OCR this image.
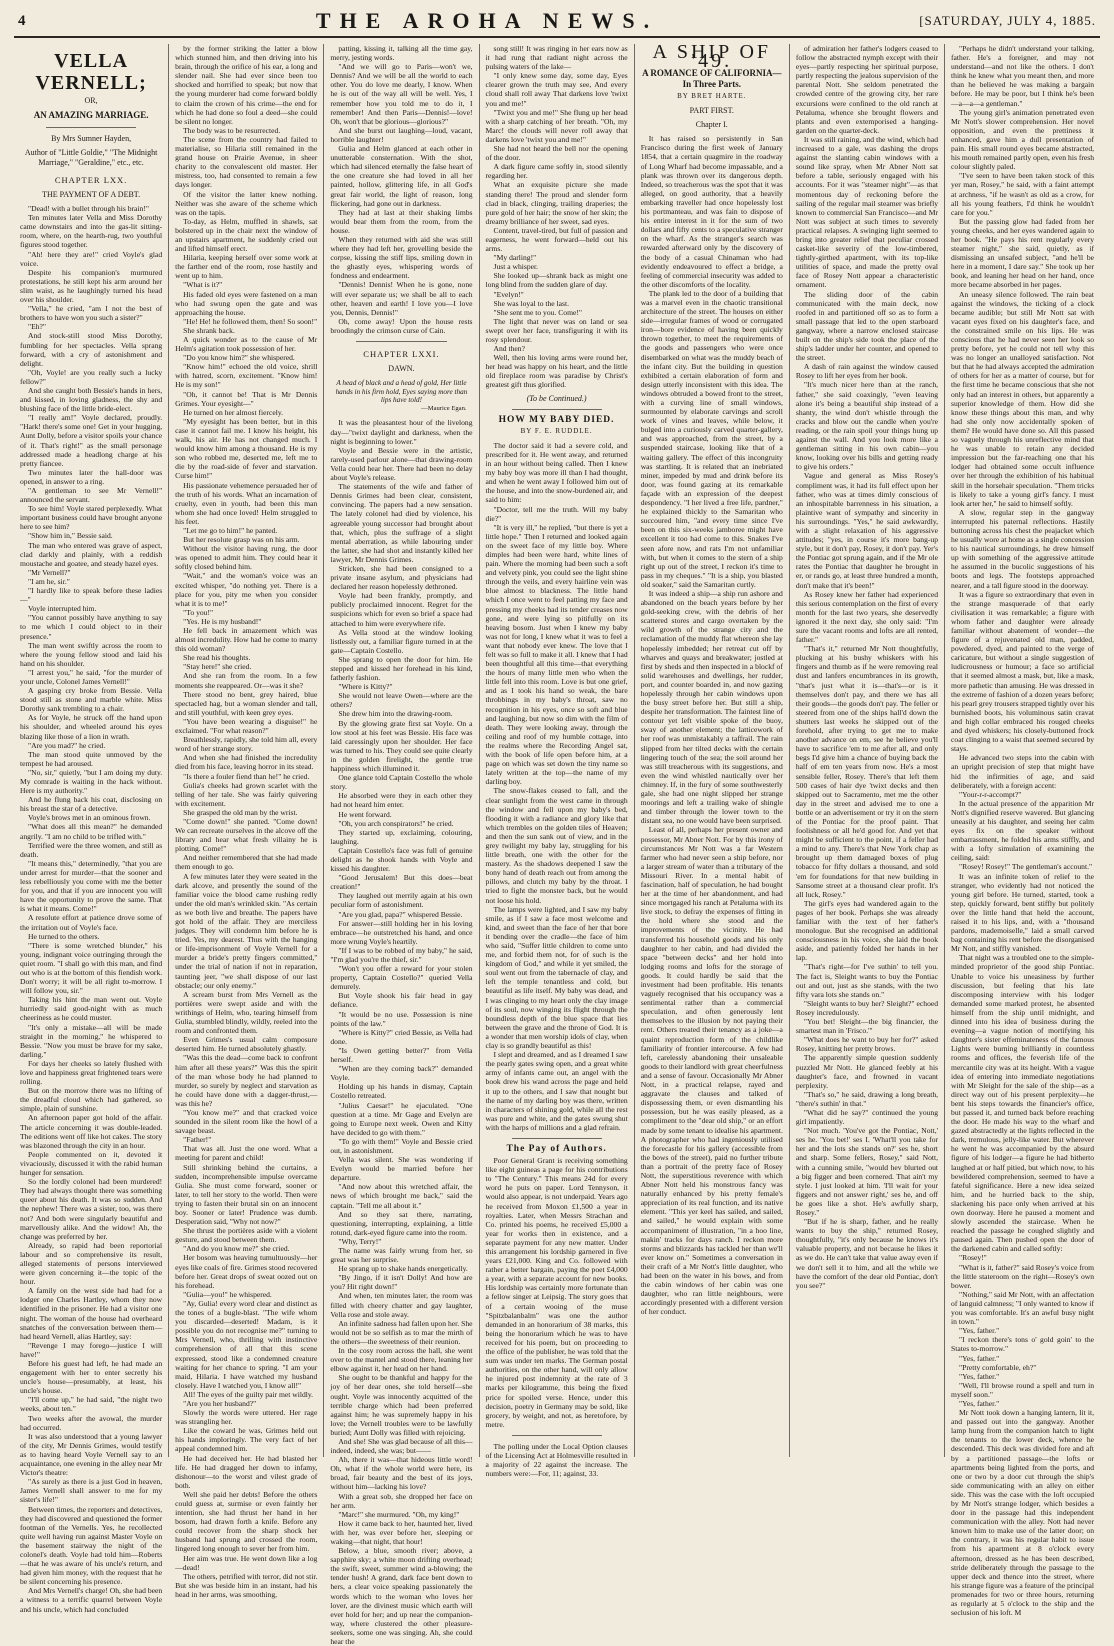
4	THE AROHA NEWS.	[SATURDAY, JULY 4, 1885.
VELLA VERNELL;
OR,
AN AMAZING MARRIAGE.
By Mrs Sumner Hayden,
Author of "Little Goldie," "The Midnight Marriage," "Geraldine," etc., etc.
CHAPTER LXX.
THE PAYMENT OF A DEBT.

"Dead! with a bullet through his brain!"

Ten minutes later Vella and Miss Dorothy came downstairs and into the gas-lit sitting-room, where, on the hearth-rug, two youthful figures stood together.

"Ah! here they are!" cried Voyle's glad voice.

Despite his companion's murmured protestations, he still kept his arm around her slim waist, as he laughingly turned his head over his shoulder.

"Vella," he cried, "am I not the best of brothers to have won you such a sister?"

"Eh?"

And stock-still stood Miss Dorothy, fumbling for her spectacles. Vella sprang forward, with a cry of astonishment and delight.

"Oh, Voyle! are you really such a lucky fellow?"

And she caught both Bessie's hands in hers, and kissed, in loving gladness, the shy and blushing face of the little bride-elect.

"I really am!" Voyle declared, proudly. "Hark! there's some one! Get in your hugging, Aunt Dolly, before a visitor spoils your chance of it. That's right!" as the small personage addressed made a headlong charge at his pretty fiancee.

Two minutes later the hall-door was opened, in answer to a ring.

"A gentleman to see Mr Vernell!" announced the servant.

To see him! Voyle stared perplexedly. What important business could have brought anyone here to see him?

"Show him in," Bessie said.

The man who entered was grave of aspect, clad darkly and plainly, with a reddish moustache and goatee, and steady hazel eyes.

"Mr Vernell?"

"I am he, sir."

"I hardly like to speak before these ladies—"

Voyle interrupted him.

"You cannot possibly have anything to say to me which I could object to in their presence."

The man went swiftly across the room to where the young fellow stood and laid his hand on his shoulder.

"I arrest you," he said, "for the murder of your uncle, Colonel James Vernell!"

A gasping cry broke from Bessie. Vella stood still as stone and marble white. Miss Dorothy sank trembling to a chair.

As for Voyle, he struck off the hand upon his shoulder, and wheeled around his eyes blazing like those of a lion in wrath.

"Are you mad?" he cried.

The man stood quite unmoved by the tempest he had aroused.

"No, sir," quietly, "but I am doing my duty. My comrade is waiting in the hack without. Here is my authority."

And he flung back his coat, disclosing on his breast the star of a detective.

Voyle's brows met in an ominous frown.

"What does all this mean?" he demanded angrily. "I am no child to be trifled with."

Terrified were the three women, and still as death.

"It means this," determinedly, "that you are under arrest for murder—that the sooner and less rebelliously you come with me the better for you, and that if you are innocent you will have the opportunity to prove the same. That is what it means. Come!"

A resolute effort at patience drove some of the irritation out of Voyle's face.

He turned to the others.

"There is some wretched blunder," his young, indignant voice outringing through the quiet room. "I shall go with this man, and find out who is at the bottom of this fiendish work. Don't worry; it will be all right to-morrow. I will follow you, sir."

Taking his hint the man went out. Voyle hurriedly said good-night with as much cheeriness as he could muster.

"It's only a mistake—all will be made straight in the morning," he whispered to Bessie. "Now you must be brave for my sake, darling."

For days her cheeks so lately flushed with love and happiness great frightened tears were rolling.

But on the morrow there was no lifting of the dreadful cloud which had gathered, so simple, plain of sunshine.

An afternoon paper got hold of the affair. The article concerning it was double-leaded. The editions went off like hot cakes. The story was blazoned through the city in an hour.

People commented on it, devoted it vivaciously, discussed it with the rabid human hunger for sensation.

So the lordly colonel had been murdered! They had always thought there was something queer about his death. It was so sudden. And the nephew! There was a sister, too, was there not? And both were singularly beautiful and marvellously alike. And the widow! Ah, the change was preferred by her.

Already, so rapid had been reportorial labour and so comprehensive its result, alleged statements of persons interviewed were given concerning it—the topic of the hour.

A family on the west side had had for a lodger one Charles Hartley, whom they now identified in the prisoner. He had a visitor one night. The woman of the house had overheard snatches of the conversation between them—had heard Vernell, alias Hartley, say:

"Revenge I may forego—justice I will have!"

Before his guest had left, he had made an engagement with her to enter secretly his uncle's house—presumably, at least, his uncle's house.

"I'll come up," he had said, "the night two weeks, about ten."

Two weeks after the avowal, the murder had occurred.

It was also understood that a young lawyer of the city, Mr Dennis Grimes, would testify as to having heard Voyle Vernell say to an acquaintance, one evening in the alley near Mr Victor's theatre:

"As surely as there is a just God in heaven, James Vernell shall answer to me for my sister's life!"

Between times, the reporters and detectives, they had discovered and questioned the former footman of the Vernells. Yes, he recollected quite well having run against Master Voyle on the basement stairway the night of the colonel's death. Voyle had told him—Roberts—that he was aware of his uncle's return, and had given him money, with the request that he be silent concerning his presence.

And Mrs Vernell's charge! Oh, she had been a witness to a terrific quarrel between Voyle and his uncle, which had concluded

by the former striking the latter a blow which stunned him, and then driving into his brain, through the orifice of his ear, a long and slender nail. She had ever since been too shocked and horrified to speak; but now that the young murderer had come forward boldly to claim the crown of his crime—the end for which he had done so foul a deed—she could be silent no longer.

The body was to be resurrected.

The scene from the country had failed to materialise, so Hilaria still remained in the grand house on Prairie Avenue, in sheer charity to the convalescent old master. Her mistress, too, had consented to remain a few days longer.

Of the visitor the latter knew nothing. Neither was she aware of the scheme which was on the tapis.

To-day, as Helm, muffled in shawls, sat bolstered up in the chair next the window of an upstairs apartment, he suddenly cried out and lifted himself erect.

Hilaria, keeping herself over some work at the farther end of the room, rose hastily and went up to him.

"What is it?"

His faded old eyes were fastened on a man who had swung open the gate and was approaching the house.

"He! He! he followed them, then! So soon!"

She shrank back.

A quick wonder as to the cause of Mr Helm's agitation took possession of her.

"Do you know him?" she whispered.

"Know him!" echoed the old voice, shrill with hatred, scorn, excitement. "Know him! He is my son!"

"Oh, it cannot be! That is Mr Dennis Grimes. Your eyesight—"

He turned on her almost fiercely.

"My eyesight has been better, but in this case it cannot fail me. I know his height, his walk, his air. He has not changed much. I would know him among a thousand. He is my son who robbed me, deserted me, left me to die by the road-side of fever and starvation. Curse him!"

His passionate vehemence persuaded her of the truth of his words. What an incarnation of cruelty, even in youth, had been this man whom she had once loved! Helm struggled to his feet.

"Let me go to him!" he panted.

But her resolute grasp was on his arm.

Without the visitor having rung, the door was opened to admit him. They could hear it softly closed behind him.

"Wait," and the woman's voice was an excited whisper, "do nothing yet. There is a place for you, pity me when you consider what it is to me!"

"To you!"

"Yes. He is my husband!"

He fell back in amazement which was almost incredulity. How had he come to marry this old woman?

She read his thoughts.

"Stay here!" she cried.

And she ran from the room. In a few moments she reappeared. Or—was it she?

There stood no bent, grey haired, blue spectacled hag, but a woman slender and tall, and still youthful, with keen grey eyes.

"You have been wearing a disguise!" he exclaimed. "For what reason?"

Breathlessly, rapidly, she told him all, every word of her strange story.

And when she had finished the incredulity died from his face, leaving horror in its stead.

"Is there a fouler fiend than he!" he cried.

Gulia's cheeks had grown scarlet with the telling of her tale. She was fairly quivering with excitement.

She grasped the old man by the wrist.

"Come down!" she panted. "Come down! We can recreate ourselves in the alcove off the library and hear what fresh villainy he is plotting. Come!"

And neither remembered that she had made them enough to go.

A few minutes later they were seated in the dark alcove, and presently the sound of the familiar voice the blood came rushing redly under the old man's wrinkled skin. "As certain as we both live and breathe. The papers have got hold of the affair. They are merciless judges. They will condemn him before he is tried. Yes, my dearest. Thus with the hanging or life-imprisonment of Voyle Vernell for a murder a bride's pretty fingers committed," under the trial of nation if not in reparation, taunting jeer, "we shall dispose of our last obstacle; our only enemy."

A scream burst from Mrs Vernell as the portières were swept aside and with the writhings of Helm, who, tearing himself from Gulia, stumbled blindly, wildly, reeled into the room and confronted them.

Even Grimes's usual calm composure deserted him. He turned absolutely ghastly.

"Was this the dead—come back to confront him after all these years?" Was this the spirit of the man whose body he had planned to murder, so surely by neglect and starvation as he could have done with a dagger-thrust,—was this he?

"You know me?" and that cracked voice sounded in the silent room like the howl of a savage beast.

"Father!"

That was all. Just the one word. What a meeting for parent and child!

Still shrinking behind the curtains, a sudden, incomprehensible impulse overcame Gulia. She must come forward, sooner or later, to tell her story to the world. Then were trying to fasten their brutal sin on an innocent boy. Sooner or later! Prudence was dumb. Desperation said, "Why not now?"

She thrust the portières aside with a violent gesture, and stood between them.

"And do you know me?" she cried.

Her bosom was heaving tumultuously—her eyes like coals of fire. Grimes stood recovered before her. Great drops of sweat oozed out on his forehead.

"Gulia—you!" he whispered.

"Ay, Gulia! every word clear and distinct as the tones of a bugle-blast. "The wife whom you discarded—deserted! Madam, is it possible you do not recognise me?" turning to Mrs Vernell, who, thrilling with instinctive comprehension of all that this scene expressed, stood like a condemned creature waiting for her chance to spring. "I am your maid, Hilaria. I have watched my husband closely. Have I watched you, I know all!"

All! The eyes of the guilty pair met wildly.

"Are you her husband?"

Slowly the words were uttered. Her rage was strangling her.

Like the coward he was, Grimes held out his hands imploringly. The very fact of her appeal condemned him.

He had deceived her. He had blasted her life. He had dragged her down to infamy, dishonour—to the worst and vilest grade of both.

Well she paid her debts! Before the others could guess at, surmise or even faintly her intention, she had thrust her hand in her bosom, had drawn forth a knife. Before any could recover from the sharp shock her husband had sprung and crossed the room, lingered long enough to sever her from him.

Her aim was true. He went down like a log—dead!

The others, petrified with terror, did not stir. But she was beside him in an instant, had his head in her arms, was smoothing,

patting, kissing it, talking all the time gay, merry, jesting words.

"And we will go to Paris—won't we, Dennis? And we will be all the world to each other. You do love me dearly, I know. When he is out of the way all will be well. Yes, I remember how you told me to do it, I remember! And then Paris—Dennis!—love! Oh, won't that be glorious—glorious?"

And she burst out laughing—loud, vacant, horrible laughter!

Gulia and Helm glanced at each other in unutterable consternation. With the shot, which had silenced eternally the false heart of the one creature she had loved in all her painted, hollow, glittering life, in all God's great fair world, the light of reason, long flickering, had gone out in darkness.

They had at last at their shaking limbs would bear them from the room, from the house.

When they returned with aid she was still where they had left her, grovelling beside the corpse, kissing the stiff lips, smiling down in the ghastly eyes, whispering words of fondness and endearment.

"Dennis! Dennis! When he is gone, none will ever separate us; we shall be all to each other, heaven and earth! I love you—I love you, Dennis, Dennis!"

Oh, come away! Upon the house rests broodingly the crimson curse of Cain.

CHAPTER LXXI.
DAWN.
A head of black and a head of gold, Her little hands in his firm hold, Eyes saying more than lips have told!
—Maurice Egan.

It was the pleasantest hour of the livelong day—"twixt daylight and darkness, when the night is beginning to lower."

Voyle and Bessie were in the artistic, rarely-used parlour alone—that drawing-room Vella could hear her. There had been no delay about Voyle's release.

The statements of the wife and father of Dennis Grimes had been clear, consistent, convincing. The papers had a new sensation. The lately colonel had died by violence, his agreeable young successor had brought about that, which, plus the suffrage of a slight mental aberration, as while labouring under the latter, she had shot and instantly killed her lawyer, Mr Dennis Grimes.

Stricken, she had been consigned to a private insane asylum, and physicians had declared her reason hopelessly dethroned.

Voyle had been frankly, promptly, and publicly proclaimed innocent. Regret for the suspicions which for even so brief a space had attached to him were everywhere rife.

As Vella stood at the window looking listlessly out, a familiar figure turned in at the gate—Captain Costello.

She sprang to open the door for him. He stepped and kissed her forehead in his kind, fatherly fashion.

"Where is Kitty?"

She would not leave Owen—where are the others?

She drew him into the drawing-room.

By the glowing grate first sat Voyle. On a low stool at his feet was Bessie. His face was laid caressingly upon her shoulder. Her face was turned to his. They could see quite clearly in the golden firelight, the gentle true happiness which illumined it.

One glance told Captain Costello the whole story.

He absorbed were they in each other they had not heard him enter.

He went forward.

"Oh, you arch conspirators!" he cried.

They started up, exclaiming, colouring, laughing.

Captain Costello's face was full of genuine delight as he shook hands with Voyle and kissed his daughter.

"Good Jerusalem! But this does—beat creation!"

They laughed out merrily again at his own peculiar form of astonishment.

"Are you glad, papa?" whispered Bessie.

For answer—still holding her in his loving embrace—he outstretched his hand, and once more wrung Voyle's heartily.

"If I was to be robbed of my baby," he said, "I'm glad you're the thief, sir."

"Won't you offer a reward for your stolen property, Captain Costello?" queried Vella demurely.

But Voyle shook his fair head in gay defiance.

"It would be no use. Possession is nine points of the law."

"Where is Kitty?" cried Bessie, as Vella had done.

"Is Owen getting better?" from Vella herself.

"When are they coming back?" demanded Voyle.

Holding up his hands in dismay, Captain Costello retreated.

"Julius Caesar!" he ejaculated. "One question at a time. Mr Gage and Evelyn are going to Europe next week. Owen and Kitty have decided to go with them."

"To go with them!" Voyle and Bessie cried out, in astonishment.

Vella was silent. She was wondering if Evelyn would be married before her departure.

"And now about this wretched affair, the news of which brought me back," said the captain. "Tell me all about it."

And so they sat there, narrating, questioning, interrupting, explaining, a little rotund, dark-eyed figure came into the room.

"Why, Terry!"

The name was fairly wrung from her, so great was her surprise.

He sprang up to shake hands energetically.

"By Jingo, if it isn't Dolly! And how are you? Hit right down!"

And when, ten minutes later, the room was filled with cheery chatter and gay laughter, Vella rose and stole away.

An infinite sadness had fallen upon her. She would not be so selfish as to mar the mirth of the others—the sweetness of their reunion.

In the cosy room across the hall, she went over to the mantel and stood there, leaning her elbow against it, her head on her hand.

She ought to be thankful and happy for the joy of her dear ones, she told herself—she ought. Voyle was innocently acquitted of the terrible charge which had been preferred against him; he was supremely happy in his love; the Vernell troubles were to be lawfully buried; Aunt Dolly was filled with rejoicing.

And she! She was glad because of all this—indeed, indeed, she was; but——

Ah, there it was—that hideous little word! Oh, what if the whole world were here, its broad, fair beauty and the best of its joys, without him—lacking his love?

With a great sob, she dropped her face on her arm.

"Marc!" she murmured. "Oh, my king!"

How it came back to her, haunted her, lived with her, was ever before her, sleeping or waking—that night, that hour!

Below, a blue, smooth river; above, a sapphire sky; a white moon drifting overhead; the swift, sweet, summer wind a-blowing; the tender hush! A grand, dark face bent down to hers, a clear voice speaking passionately the words which to the woman who loves her lover, are the divinest music which earth will ever hold for her; and up near the companion-way, where clustered the other pleasure-seekers, some one was singing. Ah, she could hear the

song still! It was ringing in her ears now as it had rung that radiant night across the pulsing waters of the lake—

"I only knew some day, some day, Eyes clearer grown the truth may see, And every cloud shall roll away That darkens love 'twixt you and me!"

"Twixt you and me!" She flung up her head with a sharp catching of her breath. "Oh, my Marc! the clouds will never roll away that darkens love 'twixt you and me!"

She had not heard the bell nor the opening of the door.

A dark figure came softly in, stood silently regarding her.

What an exquisite picture she made standing there! The proud and slender form clad in black, clinging, trailing draperies; the pure gold of her hair; the snow of her skin; the dreamy brilliance of her sweet, sad eyes.

Content, travel-tired, but full of passion and eagerness, he went forward—held out his arms.

"My darling!"

Just a whisper.

She looked up—shrank back as might one long blind from the sudden glare of day.

"Evelyn!"

She was loyal to the last.

"She sent me to you. Come!"

The light that never was on land or sea swept over her face, transfiguring it with its rosy splendour.

And then?

Well, then his loving arms were round her, her head was happy on his heart, and the little old fireplace room was paradise by Christ's greatest gift thus glorified.

(To be Continued.)
HOW MY BABY DIED.
BY F. E. RUDDLE.

The doctor said it had a severe cold, and prescribed for it. He went away, and returned in an hour without being called. Then I knew my baby boy was more ill than I had thought, and when he went away I followed him out of the house, and into the snow-burdened air, and said to him:

"Doctor, tell me the truth. Will my baby die?"

"It is very ill," he replied, "but there is yet a little hope." Then I returned and looked again on the sweet face of my little boy. Where dimples had been were hard, white lines of pain. Where the morning had been such a soft and velvety pink, you could see the light shine through the veils, and every hairline vein was blue almost to blackness. The little hand which I once went to feel patting my face and pressing my cheeks had its tender creases now gone, and were lying so pitifully on its heaving bosom. Just when I knew my baby was not for long, I knew what it was to feel a want that nobody ever knew. The love that I felt was so full to make it all. I knew that I had been thoughtful all this time—that everything the hours of many little men who when the little fell into this room. Love is but one grief, and as I took his hand so weak, the bare throbbings in my baby's throat, saw no recognition in his eyes, once so soft and blue and laughing, but now so dim with the film of death. They were looking away, through the ceiling and roof of my humble cottage, into the realms where the Recording Angel sat, with the book of life open before him, at a page on which was set down the tiny name so lately written at the top—the name of my darling boy.

The snow-flakes ceased to fall, and the clear sunlight from the west came in through the window and fell upon my baby's bed, flooding it with a radiance and glory like that which trembles on the golden tiles of Heaven; and then the sun sank out of view, and in the grey twilight my baby lay, struggling for his little breath, one with the other for the mastery. As the shadows deepened I saw the bony hand of death reach out from among the pillows, and clutch my baby by the throat. I tried to fight the monster back, but he would not loose his hold.

The lamps were lighted, and I saw my baby smile, as if I saw a face most welcome and kind, and sweet than the face of her that bore it bending over the cradle—the face of him who said, "Suffer little children to come unto me, and forbid them not, for of such is the kingdom of God," and while it yet smiled, the soul went out from the tabernacle of clay, and left the temple tenantless and cold, but beautiful as life itself. My baby was dead, and I was clinging to my heart only the clay image of its soul, now winging its flight through the boundless depth of the blue space that lies between the grave and the throne of God. It is a wonder that men worship idols of clay, when clay is so grandly beautiful as this!

I slept and dreamed, and as I dreamed I saw the pearly gates swing open, and a great white army of infants came out, an angel with the book drew his wand across the page and held it up to the others, and I saw that nought but the name of my darling boy was there, written in characters of shining gold, while all the rest was pure and white, and the gates swung shut with the harps of millions and a glad refrain.

The Pay of Authors.

Poor General Grant is receiving something like eight guineas a page for his contributions to "The Century." This means 24d for every word he puts on paper. Lord Tennyson, it would also appear, is not underpaid. Years ago he received from Moxon £1,500 a year in royalties. Later, when Messrs Strachan and Co. printed his poems, he received £5,000 a year for works then in existence, and a separate payment for any new matter. Under this arrangement his lordship garnered in five years £21,000. King and Co. followed with rather a better bargain, paying the poet £4,000 a year, with a separate account for new books. His lordship was certainly more fortunate than a fellow singer at Leipsig. The story goes that of a certain wooing of the muse "Spitzbalanbalm" was one the author demanded in an honorarium of 38 marks, this being the honorarium which he was to have received for his poem, but on proceeding to the office of the publisher, he was told that the sum was under ten marks. The German postal authorities, on the other hand, will only allow he injured post indemnity at the rate of 3 marks per kilogramme, this being the fixed price for spoiled verse. Hence, under this decision, poetry in Germany may be sold, like grocery, by weight, and not, as heretofore, by metre.

The polling under the Local Option clauses of the Licensing Act at Holmesville resulted in a majority of 22 against the increase. The numbers were:—For, 11; against, 33.

A SHIP OF '49.
A ROMANCE OF CALIFORNIA—In Three Parts.
BY BRET HARTE.
PART FIRST.
Chapter I.

It has raised so persistently in San Francisco during the first week of January 1854, that a certain quagmire in the roadway of Long Wharf had become impassable, and a plank was thrown over its dangerous depth. Indeed, so treacherous was the spot that it was alleged, on good authority, that a heavily embarking traveller had once hopelessly lost his portmanteau, and was fain to dispose of his entire interest in it for the sum of two dollars and fifty cents to a speculative stranger on the wharf. As the stranger's search was rewarded afterward only by the discovery of the body of a casual Chinaman who had evidently endeavoured to effect a bridge, a feeling of commercial insecurity was added to the other discomforts of the locality.

The plank led to the door of a building that was a marvel even in the chaotic transitional architecture of the street. The houses on either side—irregular frames of wood or corrugated iron—bore evidence of having been quickly thrown together, to meet the requirements of the goods and passengers who were once disembarked on what was the muddy beach of the infant city. But the building in question exhibited a certain elaboration of form and design utterly inconsistent with this idea. The windows obtruded a bowed front to the street, with a curving line of small windows, surmounted by elaborate carvings and scroll work of vines and leaves, while below, it bulged into a curiously carved quarter-gallery, and was approached, from the street, by a suspended staircase, looking like that of a waiting gallery. The effect of this incongruity was startling. It is related that an inebriated miner, impeded by mud and drink before its door, was found gazing at its remarkable façade with an expression of the deepest despondency. "I her lived a free life, pardner," he explained thickly to the Samaritan who succoured him, "and every time since I've been on this six-weeks jamboree might have excellent it too had come to this. Snakes I've seen afore now, and rats I'm not unfamiliar with, but when it comes to the stern of a ship right up out of the street, I reckon it's time to pass in my cheques." "It is a ship, you blasted old soaker," said the Samaritan curtly.

It was indeed a ship—a ship run ashore and abandoned on the beach years before by her gold-seeking crew, with the debris of her scattered stores and cargo overtaken by the wild growth of the strange city and the reclamation of the muddy flat whereon she lay hopelessly imbedded; her retreat cut off by wharves and quays and breakwater; jostled at first by sheds and then inspected in a blockf of solid warehouses and dwellings, her rudder, port, and counter boarded in, and now gazing hopelessly through her cabin windows upon the busy street before her. But still a ship, despite her transformation. The faintest line of contour yet left visible spoke of the buoy, sway of another element; the latticework of her roof was unmistakably a taffrail. The rain slipped from her tilted decks with the certain lingering touch of the sea; the soil around her was still treacherous with its suggestions, and even the wind whistled nautically over her chimney. If, in the fury of some southwesterly gale, she had one night slipped her strange moorings and left a trailing wake of shingle and timber through the lower town to the distant sea, no one would have been surprised.

Least of all, perhaps her present owner and possessor, Mr Abner Nott. For by this irony of circumstances Mr Nott was a far Western farmer who had never seen a ship before, nor a larger stream of water than a tributary of the Missouri River. In a mental habit of fascination, half of speculation, he had bought her at the time of her abandonment, and had since mortgaged his ranch at Petaluma with its live stock, to defray the expenses of fitting in the hold where she stood and the improvements of the vicinity. He had transferred his household goods and his only daughter to her cabin, and had divided the space "between decks" and her hold into lodging rooms and lofts for the storage of goods. It could hardly be said that the investment had been profitable. His tenants vaguely recognised that his occupancy was a sentimental rather than a commercial speculation, and often generously lent themselves to the illusion by not paying their rent. Others treated their tenancy as a joke—a quaint reproduction form of the childlike familiarity of frontier intercourse. A few had left, carelessly abandoning their unsaleable goods to their landlord with great cheerfulness and a sense of favour. Occasionally Mr Abner Nott, in a practical relapse, rayed and aggravate the clauses and talked of dispossessing them, or even dismantling his possession, but he was easily pleased, as a compliment to the "dear old ship," or an effort made by some tenant to idealise his apartment. A photographer who had ingeniously utilised the forecastle for his gallery (accessible from the bows of the street), paid no further tribute than a portrait of the pretty face of Rosey Nott, the superstitious reverence with which Abner Nott held his monstrous fancy was naturally enhanced by his pretty female's appreciation of its real function, and its native element. "This yer keel has sailed, and sailed, and sailed," he would explain with some accompaniment of illustration, "in a hoo line, makin' tracks for days ranch. I reckon more storms and blizzards has tackled her than we'll ever know on." Sometimes a conversation in their craft of a Mr Nott's little daughter, who had been on the water in his bows, and from the cabin windows of her cabin was one daughter, who ran little neighbours, were accordingly presented with a different version of her conduct.

of admiration her father's lodgers ceased to follow the abstracted nymph except with their eyes—partly respecting her spiritual purpose, partly respecting the jealous supervision of the parental Nott. She seldom penetrated the crowded centre of the growing city, her rare excursions were confined to the old ranch at Petaluma, whence she brought flowers and plants and even extemporised a hanging-garden on the quarter-deck.

It was still raining, and the wind, which had increased to a gale, was dashing the drops against the slanting cabin windows with a sound like spray, when Mr Abner Nott sat before a table, seriously engaged with his accounts. For it was "steamer night"—as that momentous day of reckoning before the sailing of the regular mail steamer was briefly known to commercial San Francisco—and Mr Nott was subject at such times to severely practical relapses. A swinging light seemed to bring into greater relief that peculiar crossed casket-like severity of the low-timbered, tightly-girthed apartment, with its top-like utilities of space, and made the pretty oval face of Rosey Nott appear a characteristic ornament.

The sliding door of the cabin communicated with the main deck, now roofed in and partitioned off so as to form a small passage that led to the open starboard gangway, where a narrow enclosed staircase built on the ship's side took the place of the ship's ladder under her counter, and opened to the street.

A dash of rain against the window caused Rosey to lift her eyes from her book.

"It's much nicer here than at the ranch, father," she said coaxingly, "even leaving alone it's being a beautiful ship instead of a shanty, the wind don't whistle through the cracks and blow out the candle when you're reading, or the rain spoil your things hung up against the wall. And you look more like a gentleman sitting in his own cabin—you know, looking over his bills and getting ready to give his orders."

Vague and general as Miss Rosey's compliment was, it had its full effect upon her father, who was at times dimly conscious of an inhospitable barrenness in his situation, a plaintive want of sympathy and sincerity in his surroundings. "Yes," he said awkwardly, with a slight relaxation of his aggressive attitudes; "yes, in course it's more bang-up style, but it don't pay, Rosey, it don't pay. Yer's the Pontiac got sprung again, and if the Mr ole rates the Pontiac that daughter he brought in er, or rands go, at least three hundred a month, don't make that it's been!"

As Rosey knew her father had experienced this serious contemplation on the first of every month for the last two years, she deservedly ignored it the next day, she only said: "I'm sure the vacant rooms and lofts are all rented, father."

"That's it," returned Mr Nott thoughtfully, plucking at his bushy whiskers with his fingers and thumb as if he were removing real dust and lanfers encumbrances in its growth, "that's just what it is—that's—or is it themselves don't pay, and there we has all their goods—the goods don't pay. The feller or steered from one of the ships hall'd down the shutters last weeks he skipped out of the forehold, after trying to get me to make another advance on em, see he believe you'll have to sacrifice 'em to me after all, and only begs I'd give him a chance of buying back the half of em ten years from now. He's a most sensible feller, Rosey. There's that left them 500 cases of hair dye 'twixt decks and then skipped out to Sacramento, met me the other day in the street and advised me to one a bottle or an advertisement or try it on the stern of the Pontiac for the proof paint. That foolishness or all he'd good for. And yet that might be sufficient to the point, if a feller had a mind to any. There's that New York chap as brought up them damaged boxes of plug tobacco for fifty dollars a thousand, and sold 'em for foundations for that new building in Sansome street at a thousand clear profit. It's all luck, Rosey."

The girl's eyes had wandered again to the pages of her book. Perhaps she was already familiar with the text of her father's monologue. But she recognised an additional consciousness in his voice, she laid the book aside, and patiently folded her hands in her lap.

"That's right—for I've suthin' to tell you. The fact is, Sleight wants to buy the Pontiac out and out, just as she stands, with the two fifty vara lots she stands on."

"Sleight wants to buy her? Sleight?" echoed Rosey incredulously.

"You bet! Sleight—the big financier, the smartest man in 'Frisco.'"

"What does he want to buy her for?" asked Rosey, knitting her pretty brows.

The apparently simple question suddenly puzzled Mr Nott. He glanced feebly at his daughter's face, and frowned in vacant perplexity.

"That's so," he said, drawing a long breath, "there's suthin' in that."

"What did he say?" continued the young girl impatiently.

"Not much. 'You've got the Pontiac, Nott,' ses he. 'You bet!' ses I. 'What'll you take for her and the lots she stands on?' ses he, short and sharp. Some fellers, Rosey," said Nott, with a cunning smile, "would hev blurted out a big figger and been cornered. That ain't my style. I just looked at him. 'I'll wait for your figgers and not answer right,' ses he, and off he goes like a shot. He's awfully sharp, Rosey."

"But if he is sharp, father, and he really wants to buy the ship," returned Rosey, thoughtfully, "it's only because he knows it's valuable property, and not because he likes it as we do. He can't take that value away even if we don't sell it to him, and all the while we have the comfort of the dear old Pontiac, don't you see?"

"Perhaps he didn't understand your talking, father. He's a foreigner, and may not understand—and not like the others. I don't think he knew what you meant then, and more than he believed he was making a bargain before. He may be poor, but I think he's been—a—a—a gentleman."

The young girl's animation penetrated even Mr Nott's slower comprehension. Her novel opposition, and even the prettiness it enhanced, gave him a dull presentation of pain. His small round eyes became abstracted, his mouth remained partly open, even his fresh colour slightly paled.

"I've seen to have been taken stock of this yer man, Rosey," he said, with a faint attempt at archness, "if he wasn't as old as a crow, for all his young feathers, I'd think he wouldn't care for you."

But the passing glow had faded from her young cheeks, and her eyes wandered again to her book. "He pays his rent regularly every steamer night," she said, quietly, as if dismissing an unsafed subject, "and he'll be here in a moment, I dare say." She took up her book, and leaning her head on her hand, once more became absorbed in her pages.

An uneasy silence followed. The rain beat against the windows, the ticking of a clock became audible; but still Mr Nott sat with vacant eyes fixed on his daughter's face, and the constrained smile on his lips. He was conscious that he had never seen her look so pretty before, yet he could not tell why this was no longer an unalloyed satisfaction. Not but that he had always accepted the admiration of others for her as a matter of course, but for the first time he became conscious that she not only had an interest in others, but apparently a superior knowledge of them. How did she know these things about this man, and why had she only now accidentally spoken of them? He would have done so. All this passed so vaguely through his unreflective mind that he was unable to retain any decided impression but the far-reaching one that his lodger had obtained some occult influence over her through the exhibition of his habitual skill in the horsehair speculation. "Them tricks is likely to take a young girl's fancy. I must look arter her," he said to himself softly.

A slow, regular step in the gangway interrupted his paternal reflections. Hastily buttoning across his chest the peajacket which he usually wore at home as a single concession to his nautical surroundings, he drew himself up with something of the aggressive attitude he assumed in the bucolic suggestions of his boots and legs. The footsteps approached nearer, and a tall figure stood in the doorway.

It was a figure so extraordinary that even in the strange masquerade of that early civilisation it was remarkable; a figure with whom father and daughter were already familiar without abatement of wonder—the figure of a rejuvenated old man, padded, powdered, dyed, and painted to the verge of caricature, but without a single suggestion of ludicrousness or humour; a face so artificial that it seemed almost a mask, but, like a mask, more pathetic than amusing. He was dressed in the extreme of fashion of a dozen years before; his pearl grey trousers strapped tightly over his burnished boots, his voluminous satin cravat and high collar embraced his rouged cheeks and dyed whiskers; his closely-buttoned frock coat clinging to a waist that seemed secured by stays.

He advanced two steps into the cabin with an upright precision of step that might have hid the infirmities of age, and said deliberately, with a foreign accent:

"Your-r-r-accompt?"

In the actual presence of the apparition Mr Nott's dignified reserve wavered. But glancing uneasily at his daughter, and seeing her calm eyes fix on the speaker without embarrassment, he folded his arms stiffly, and with a lofty simulation of examining the ceiling, said:

"Rosey! Rosey!" The gentleman's account."

It was an infinite token of relief to the stranger, who evidently had not noticed the young girl before. He turned, started, took a step, quickly forward, bent stiffly but politely over the little hand that held the account, raised it to his lips, and, with a "thousand pardons, mademoiselle," laid a small carved bag containing his rent before the disorganised Mr Nott, and stiffly vanished.

That night was a troubled one to the simple-minded proprietor of the good ship Pontiac. Unable to voice his uneasiness by further discussion, but feeling that his late discomposing interview with his lodger demanded some marked protest, he absented himself from the ship until midnight, and dinned into his idea of business during the evening—a vague notion of mortifying his daughter's sister effeminateness of the famous Lights were burning brilliantly in countless rooms and offices, the feverish life of the mercantile city was at its height. With a vague idea of entering into immediate negotiations with Mr Sleight for the sale of the ship—as a direct way out of his present perplexity—he bent his steps towards the financier's office, but passed it, and turned back before reaching the door. He made his way to the wharf and gazed abstractedly at the lights reflected in the dark, tremulous, jelly-like water. But wherever he went he was accompanied by the absurd figure of his lodger—a figure he had hitherto laughed at or half pitied, but which now, to his bewildered comprehension, seemed to have a fateful significance. Here a new idea seized him, and he hurried back to the ship, slackening his pace only when arrived at his own doorway. Here he paused a moment and slowly ascended the staircase. When he reached the passage he coughed slightly and paused again. Then pushed open the door of the darkened cabin and called softly:

"Rosey!"

"What is it, father?" said Rosey's voice from the little stateroom on the right—Rosey's own bower.

"Nothing," said Mr Nott, with an affectation of languid calmness; "I only wanted to know if you was comfortable. It's an awful busy night in town."

"Yes, father."

"I reckon there's tons o' gold goin' to the States to-morrow."

"Yes, father."

"Pretty comfortable, eh?"

"Yes, father."

"Well, I'll browse round a spell and turn in myself soon."

"Yes, father."

Mr Nott took down a hanging lantern, lit it, and passed out into the gangway. Another lamp hung from the companion hatch to light the tenants to the lower deck, whence he descended. This deck was divided fore and aft by a partitioned passage—the lofts or apartments being lighted from the ports, and one or two by a door cut through the ship's side communicating with an alley on either side. This was the case with the loft occupied by Mr Nott's strange lodger, which besides a door in the passage had this independent communication with the alley. Nott had never known him to make use of the latter door; on the contrary, it was his regular habit to issue from his apartment at 8 o'clock every afternoon, dressed as he has been described, stride deliberately through the passage to the upper deck and thence into the street, where his strange figure was a feature of the principal promenades for two or three hours, returning as regularly at 5 o'clock to the ship and the seclusion of his loft. M
